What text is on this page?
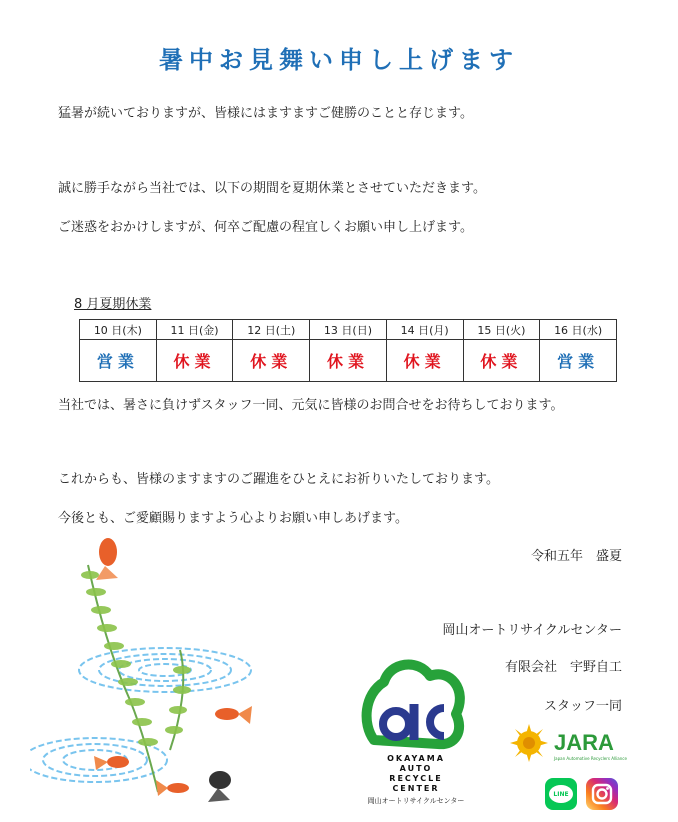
暑中お見舞い申し上げます
猛暑が続いておりますが、皆様にはますますご健勝のことと存じます。
誠に勝手ながら当社では、以下の期間を夏期休業とさせていただきます。
ご迷惑をおかけしますが、何卒ご配慮の程宜しくお願い申し上げます。
8 月夏期休業
10 日(木)	11 日(金)	12 日(土)	13 日(日)	14 日(月)	15 日(火)	16 日(水)
営業	休業	休業	休業	休業	休業	営業
当社では、暑さに負けずスタッフ一同、元気に皆様のお問合せをお待ちしております。
これからも、皆様のますますのご躍進をひとえにお祈りいたしております。
今後とも、ご愛顧賜りますよう心よりお願い申しあげます。
令和五年　盛夏
岡山オートリサイクルセンター
有限会社　宇野自工
スタッフ一同
OKAYAMA
AUTO
RECYCLE
CENTER
岡山オートリサイクルセンター
JARA
Japan Automotive Recyclers Alliance
LINE
